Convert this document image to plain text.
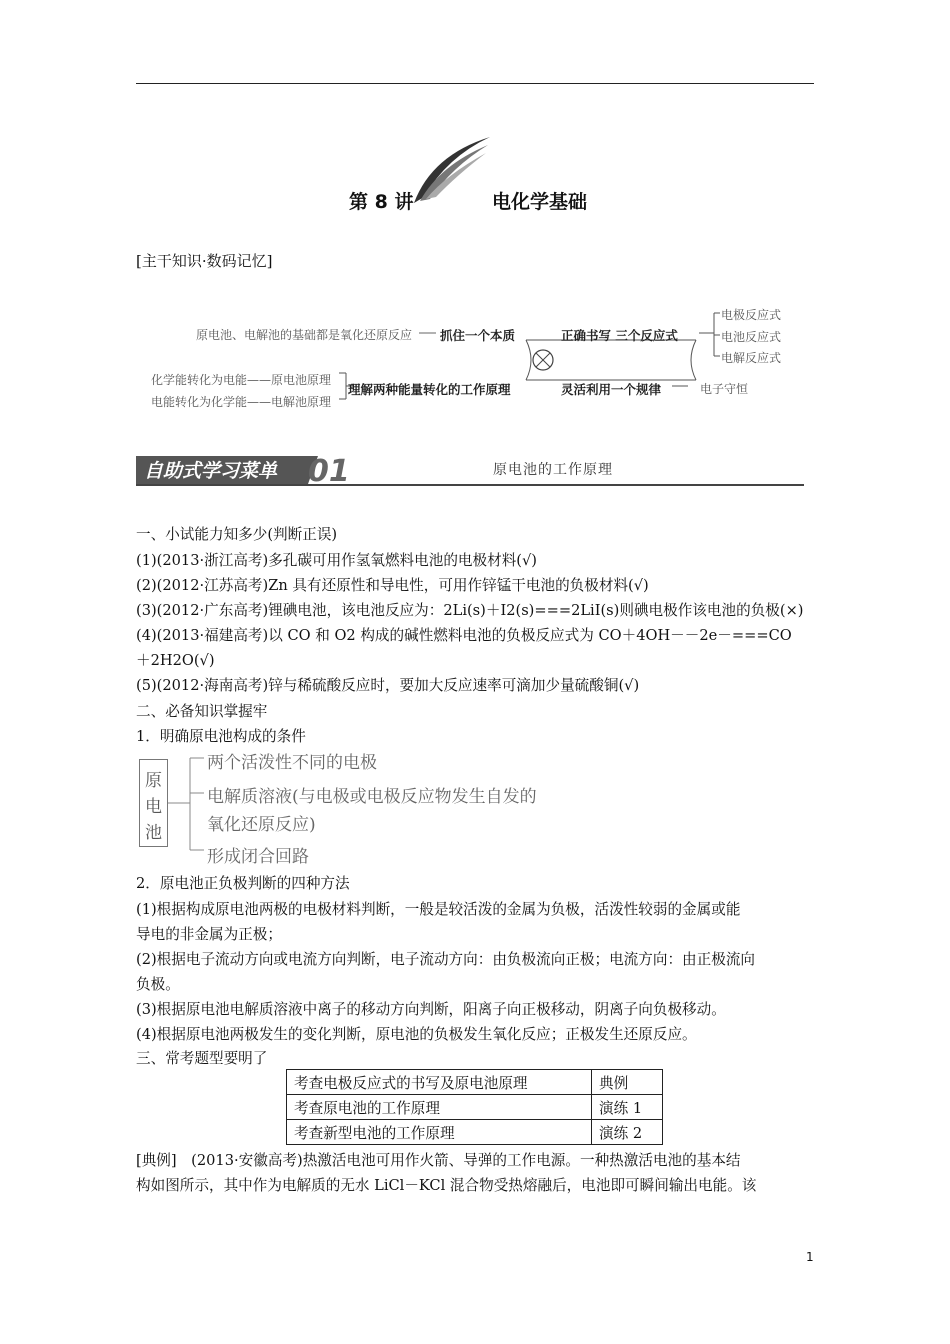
第 8 讲	电化学基础
[主干知识·数码记忆]
原电池、电解池的基础都是氧化还原反应 抓住一个本质
化学能转化为电能——原电池原理
电能转化为化学能——电解池原理
理解两种能量转化的工作原理
正确书写 三个反应式
灵活利用一个规律
电极反应式
电池反应式
电解反应式
电子守恒
自助式学习菜单 01	原电池的工作原理
一、小试能力知多少(判断正误)
(1)(2013·浙江高考)多孔碳可用作氢氧燃料电池的电极材料(√)
(2)(2012·江苏高考)Zn 具有还原性和导电性，可用作锌锰干电池的负极材料(√)
(3)(2012·广东高考)锂碘电池，该电池反应为：2Li(s)＋I2(s)===2LiI(s)则碘电极作该电池的负极(×)
(4)(2013·福建高考)以 CO 和 O2 构成的碱性燃料电池的负极反应式为 CO＋4OH－－2e－===CO
＋2H2O(√)
(5)(2012·海南高考)锌与稀硫酸反应时，要加大反应速率可滴加少量硫酸铜(√)
二、必备知识掌握牢
1．明确原电池构成的条件
原
电
池
两个活泼性不同的电极
电解质溶液(与电极或电极反应物发生自发的
氧化还原反应)
形成闭合回路
2．原电池正负极判断的四种方法
(1)根据构成原电池两极的电极材料判断，一般是较活泼的金属为负极，活泼性较弱的金属或能
导电的非金属为正极；
(2)根据电子流动方向或电流方向判断，电子流动方向：由负极流向正极；电流方向：由正极流向
负极。
(3)根据原电池电解质溶液中离子的移动方向判断，阳离子向正极移动，阴离子向负极移动。
(4)根据原电池两极发生的变化判断，原电池的负极发生氧化反应；正极发生还原反应。
三、常考题型要明了
考查电极反应式的书写及原电池原理	典例
考查原电池的工作原理	演练 1
考查新型电池的工作原理	演练 2
[典例]　(2013·安徽高考)热激活电池可用作火箭、导弹的工作电源。一种热激活电池的基本结
构如图所示，其中作为电解质的无水 LiCl－KCl 混合物受热熔融后，电池即可瞬间输出电能。该
1
